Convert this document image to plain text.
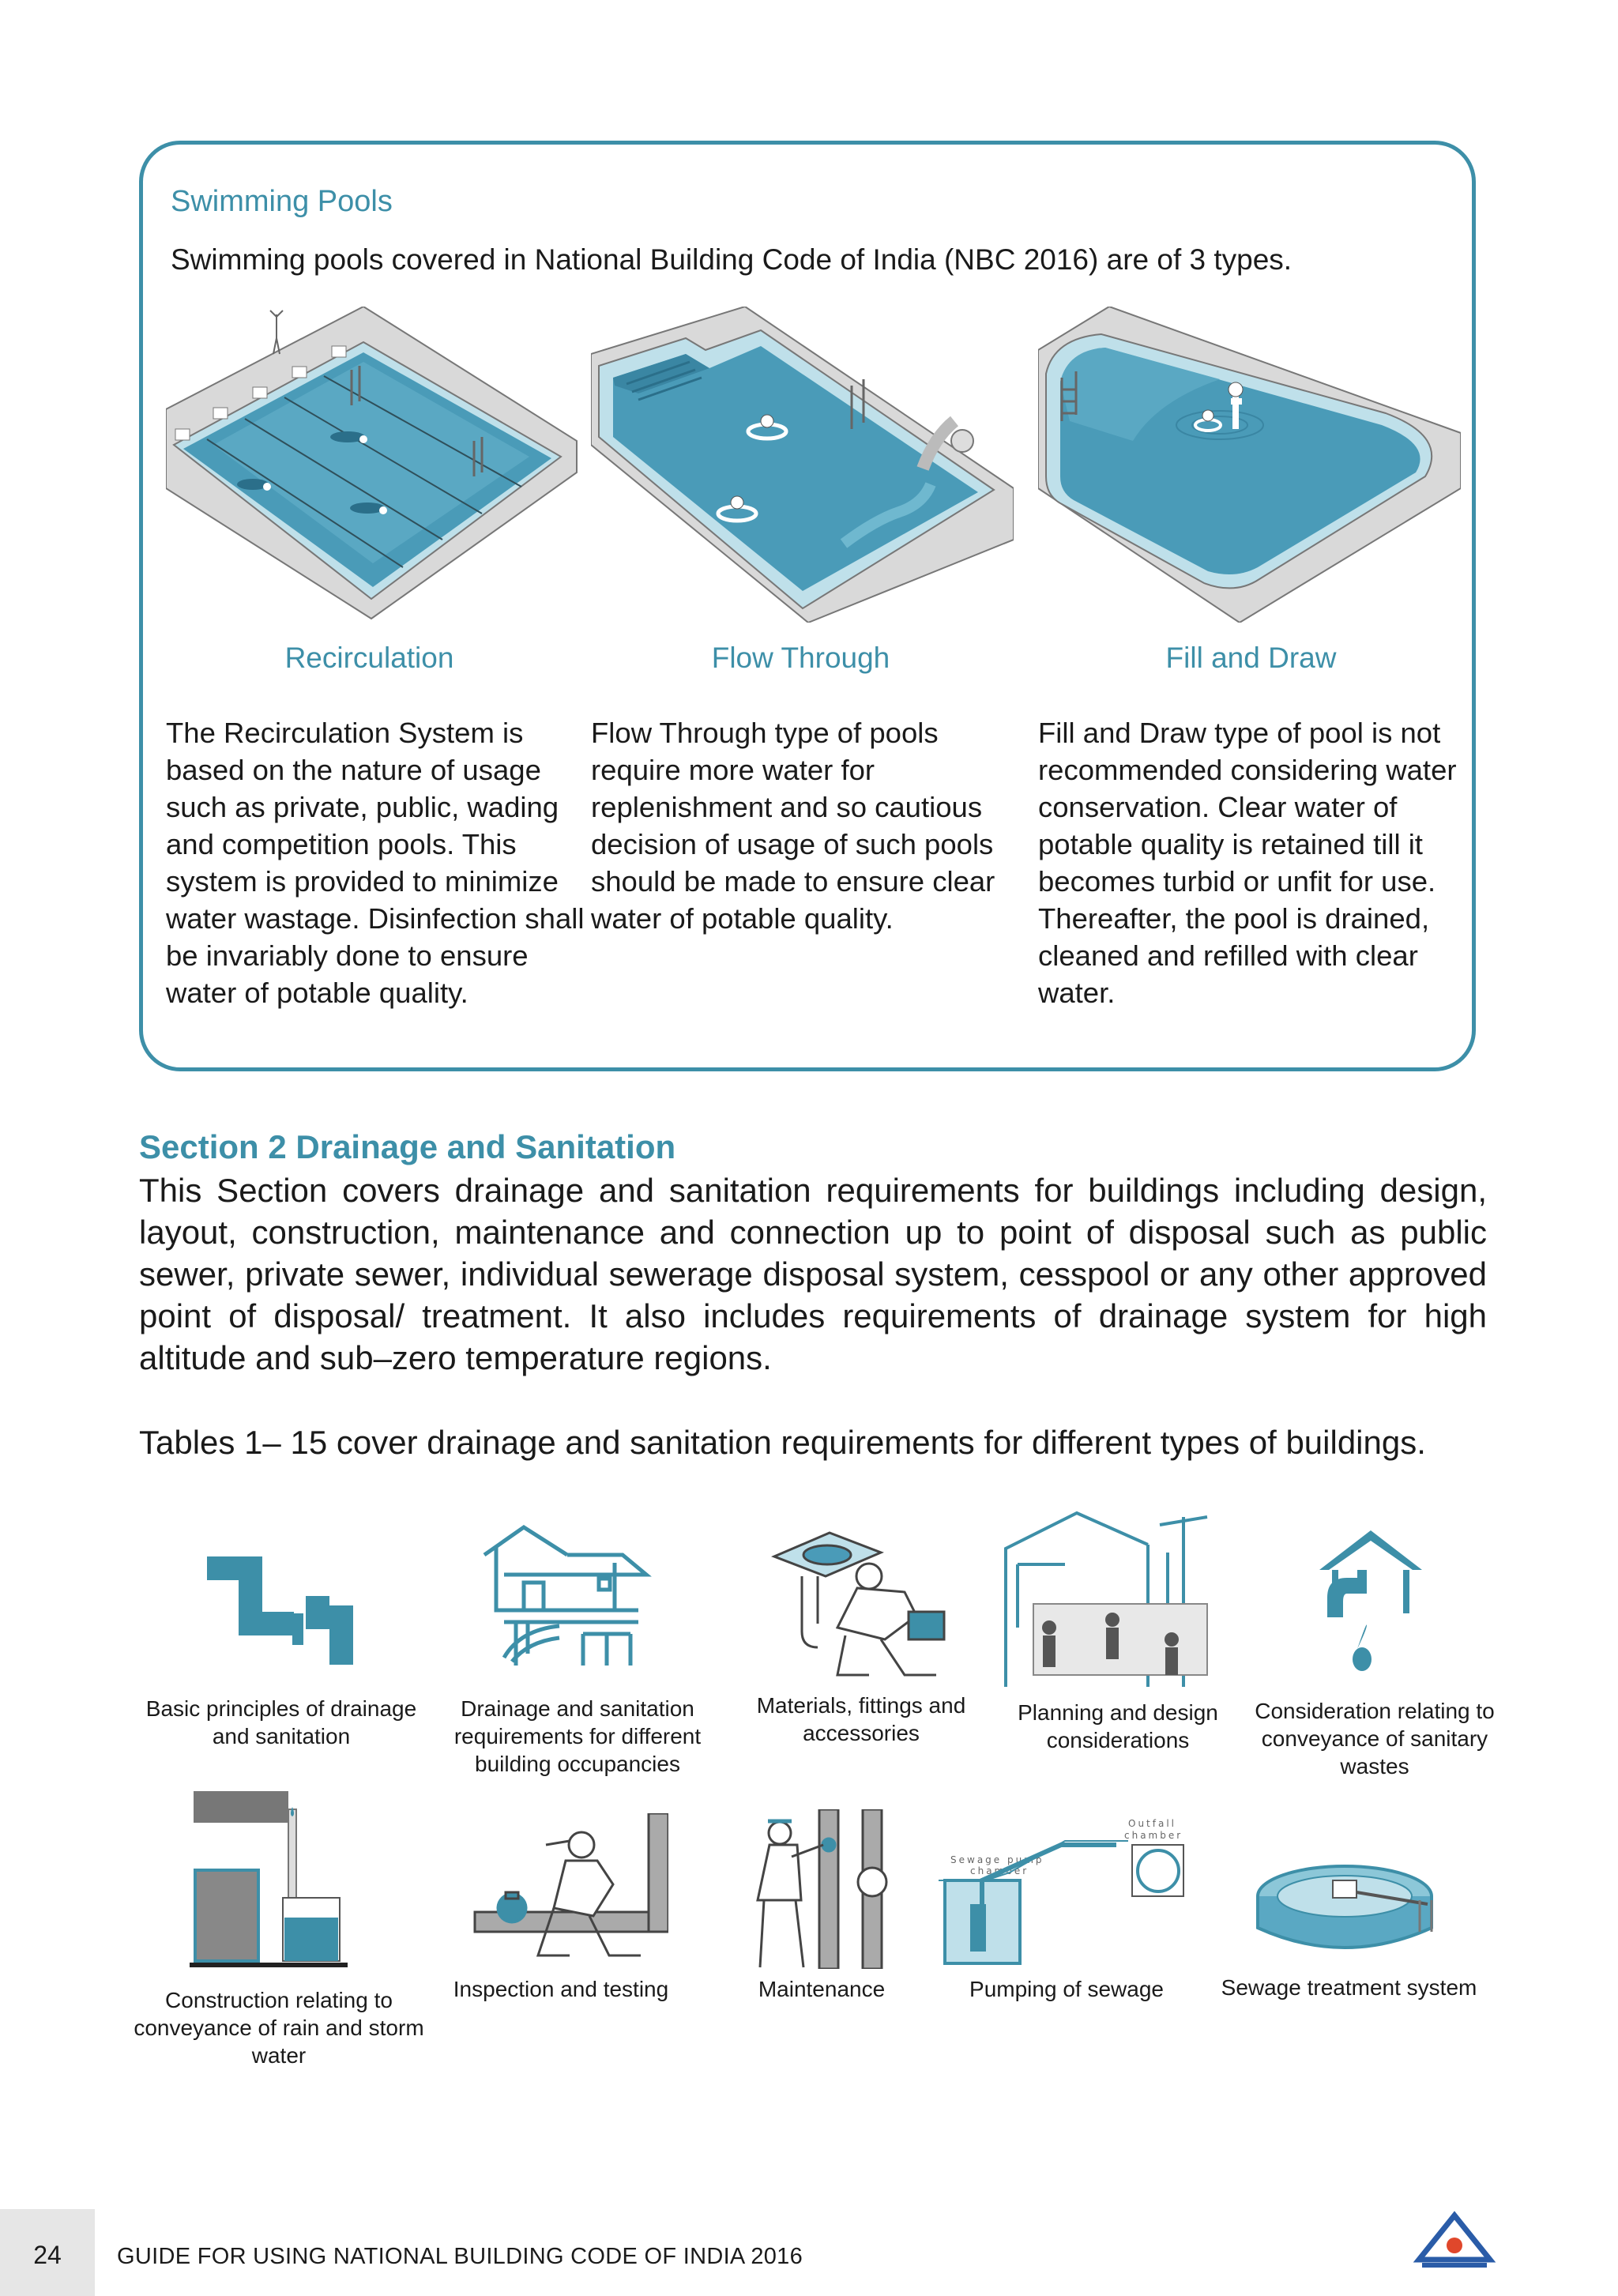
Swimming Pools
Swimming pools covered in National Building Code of India (NBC 2016) are of 3 types.
Recirculation
The Recirculation System is based on the nature of usage such as private, public, wading and competition pools. This system is provided to minimize water wastage. Disinfection shall be invariably done to ensure water of potable quality.
Flow Through
Flow Through type of pools require more water for replenishment and so cautious decision of usage of such pools should be made to ensure clear water of potable quality.
Fill and Draw
Fill and Draw type of pool is not recommended considering water conservation. Clear water of potable quality is retained till it becomes turbid or unfit for use. Thereafter, the pool is drained, cleaned and refilled with clear water.
Section 2 Drainage and Sanitation
This Section covers drainage and sanitation requirements for buildings including design, layout, construction, maintenance and connection up to point of disposal such as public sewer, private sewer, individual sewerage disposal system, cesspool or any other approved point of disposal/ treatment. It also includes requirements of drainage system for high altitude and sub–zero temperature regions.
Tables 1– 15 cover drainage and sanitation requirements for different types of buildings.
Basic principles of drainage and sanitation
Drainage and sanitation requirements for different building occupancies
Materials, fittings and accessories
Planning and design considerations
Consideration relating to conveyance of sanitary wastes
Construction relating to conveyance of rain and storm water
Inspection and testing	Maintenance
Sewage pump
chamber
Outfall
chamber
Pumping of sewage	Sewage treatment system
24	GUIDE FOR USING NATIONAL BUILDING CODE OF INDIA 2016
